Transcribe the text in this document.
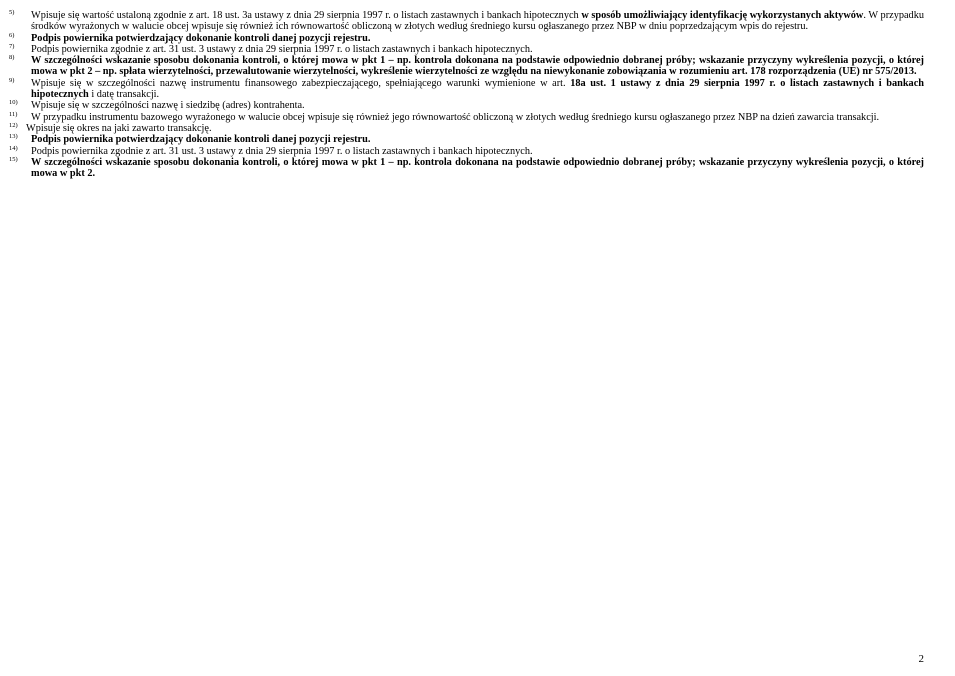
5) Wpisuje się wartość ustaloną zgodnie z art. 18 ust. 3a ustawy z dnia 29 sierpnia 1997 r. o listach zastawnych i bankach hipotecznych w sposób umożliwiający identyfikację wykorzystanych aktywów. W przypadku środków wyrażonych w walucie obcej wpisuje się również ich równowartość obliczoną w złotych według średniego kursu ogłaszanego przez NBP w dniu poprzedzającym wpis do rejestru.
6) Podpis powiernika potwierdzający dokonanie kontroli danej pozycji rejestru.
7) Podpis powiernika zgodnie z art. 31 ust. 3 ustawy z dnia 29 sierpnia 1997 r. o listach zastawnych i bankach hipotecznych.
8) W szczególności wskazanie sposobu dokonania kontroli, o której mowa w pkt 1 – np. kontrola dokonana na podstawie odpowiednio dobranej próby; wskazanie przyczyny wykreślenia pozycji, o której mowa w pkt 2 – np. spłata wierzytelności, przewalutowanie wierzytelności, wykreślenie wierzytelności ze względu na niewykonanie zobowiązania w rozumieniu art. 178 rozporządzenia (UE) nr 575/2013.
9) Wpisuje się w szczególności nazwę instrumentu finansowego zabezpieczającego, spełniającego warunki wymienione w art. 18a ust. 1 ustawy z dnia 29 sierpnia 1997 r. o listach zastawnych i bankach hipotecznych i datę transakcji.
10) Wpisuje się w szczególności nazwę i siedzibę (adres) kontrahenta.
11) W przypadku instrumentu bazowego wyrażonego w walucie obcej wpisuje się również jego równowartość obliczoną w złotych według średniego kursu ogłaszanego przez NBP na dzień zawarcia transakcji.
12) Wpisuje się okres na jaki zawarto transakcję.
13) Podpis powiernika potwierdzający dokonanie kontroli danej pozycji rejestru.
14) Podpis powiernika zgodnie z art. 31 ust. 3 ustawy z dnia 29 sierpnia 1997 r. o listach zastawnych i bankach hipotecznych.
15) W szczególności wskazanie sposobu dokonania kontroli, o której mowa w pkt 1 – np. kontrola dokonana na podstawie odpowiednio dobranej próby; wskazanie przyczyny wykreślenia pozycji, o której mowa w pkt 2.
2
